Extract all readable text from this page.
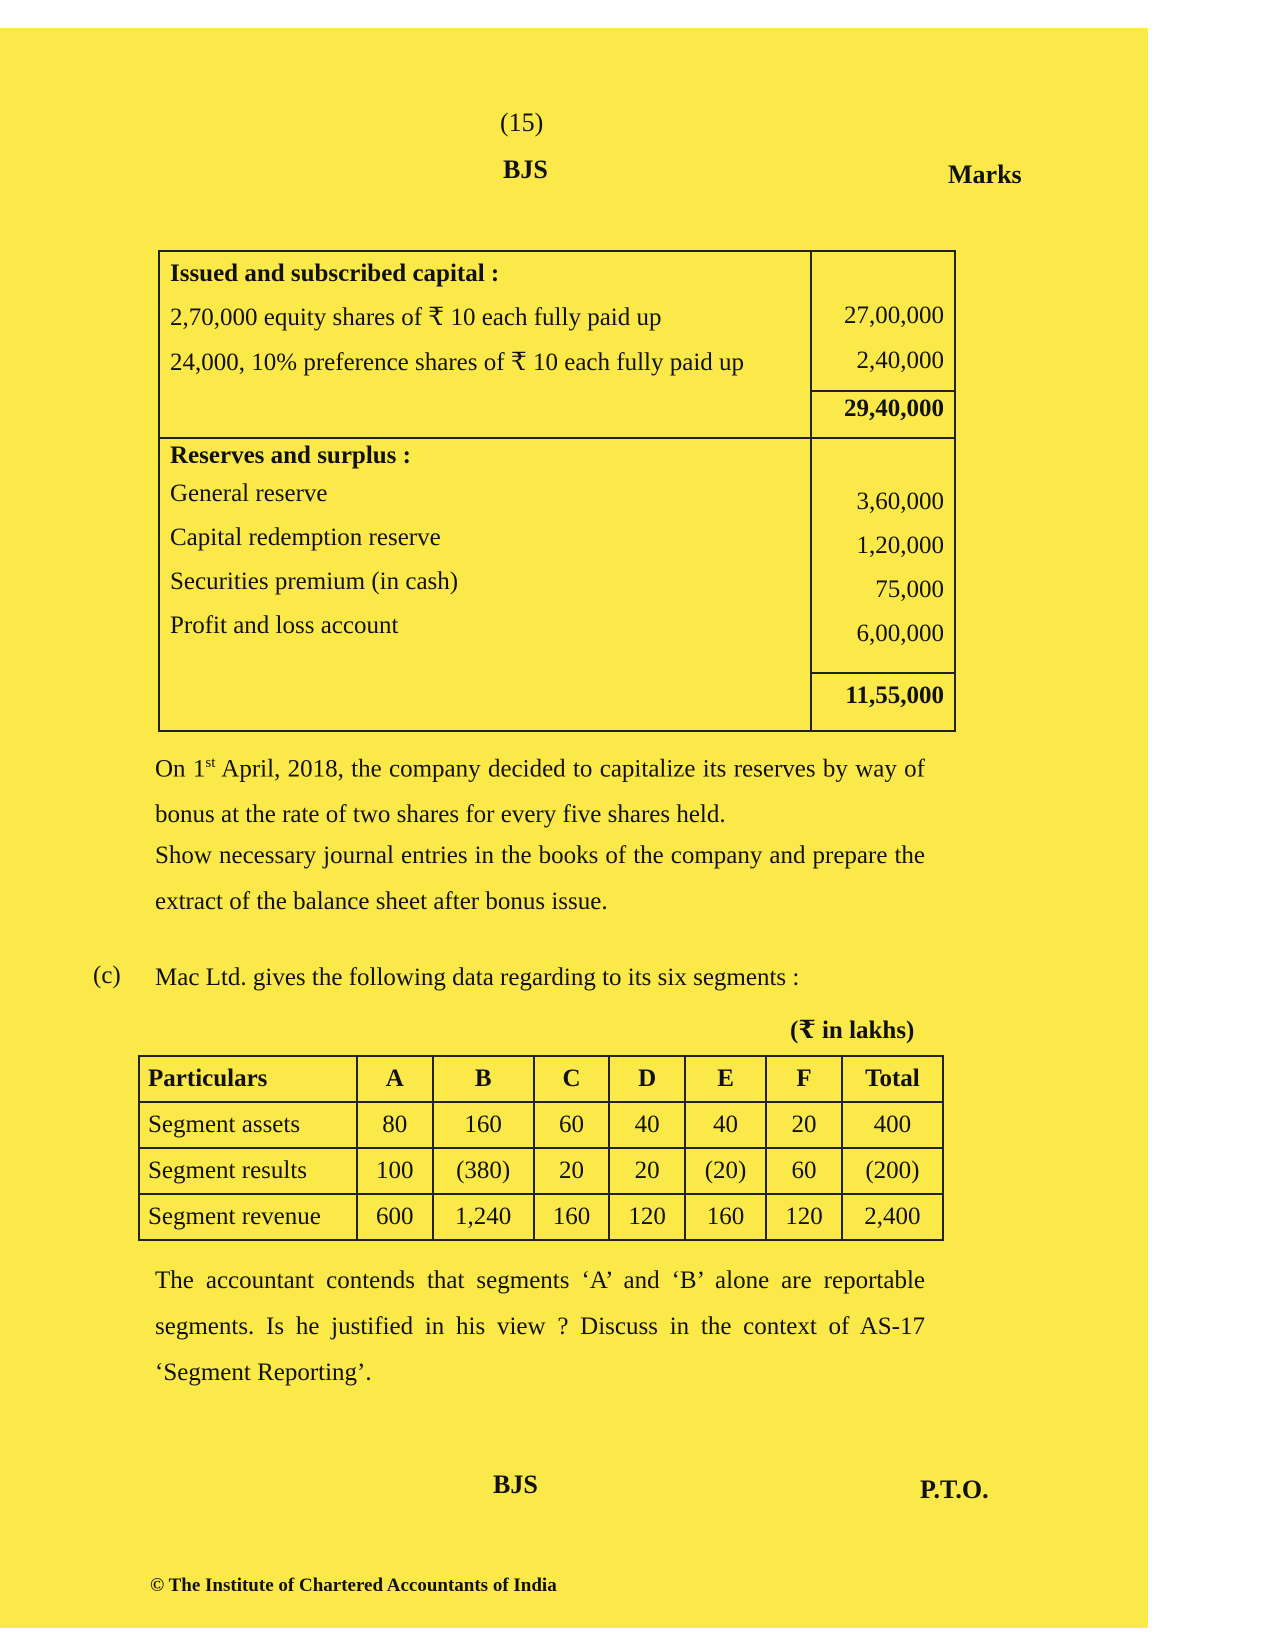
(15)
BJS	Marks
Issued and subscribed capital :
2,70,000 equity shares of ₹ 10 each fully paid up	27,00,000
24,000, 10% preference shares of ₹ 10 each fully paid up	2,40,000
29,40,000
Reserves and surplus :
General reserve	3,60,000
Capital redemption reserve	1,20,000
Securities premium (in cash)	75,000
Profit and loss account	6,00,000
11,55,000
On 1st April, 2018, the company decided to capitalize its reserves by way of bonus at the rate of two shares for every five shares held.
Show necessary journal entries in the books of the company and prepare the extract of the balance sheet after bonus issue.
(c) Mac Ltd. gives the following data regarding to its six segments :
(₹ in lakhs)
Particulars	A	B	C	D	E	F	Total
Segment assets	80	160	60	40	40	20	400
Segment results	100	(380)	20	20	(20)	60	(200)
Segment revenue	600	1,240	160	120	160	120	2,400
The accountant contends that segments ‘A’ and ‘B’ alone are reportable segments. Is he justified in his view ? Discuss in the context of AS-17 ‘Segment Reporting’.
BJS	P.T.O.
© The Institute of Chartered Accountants of India
